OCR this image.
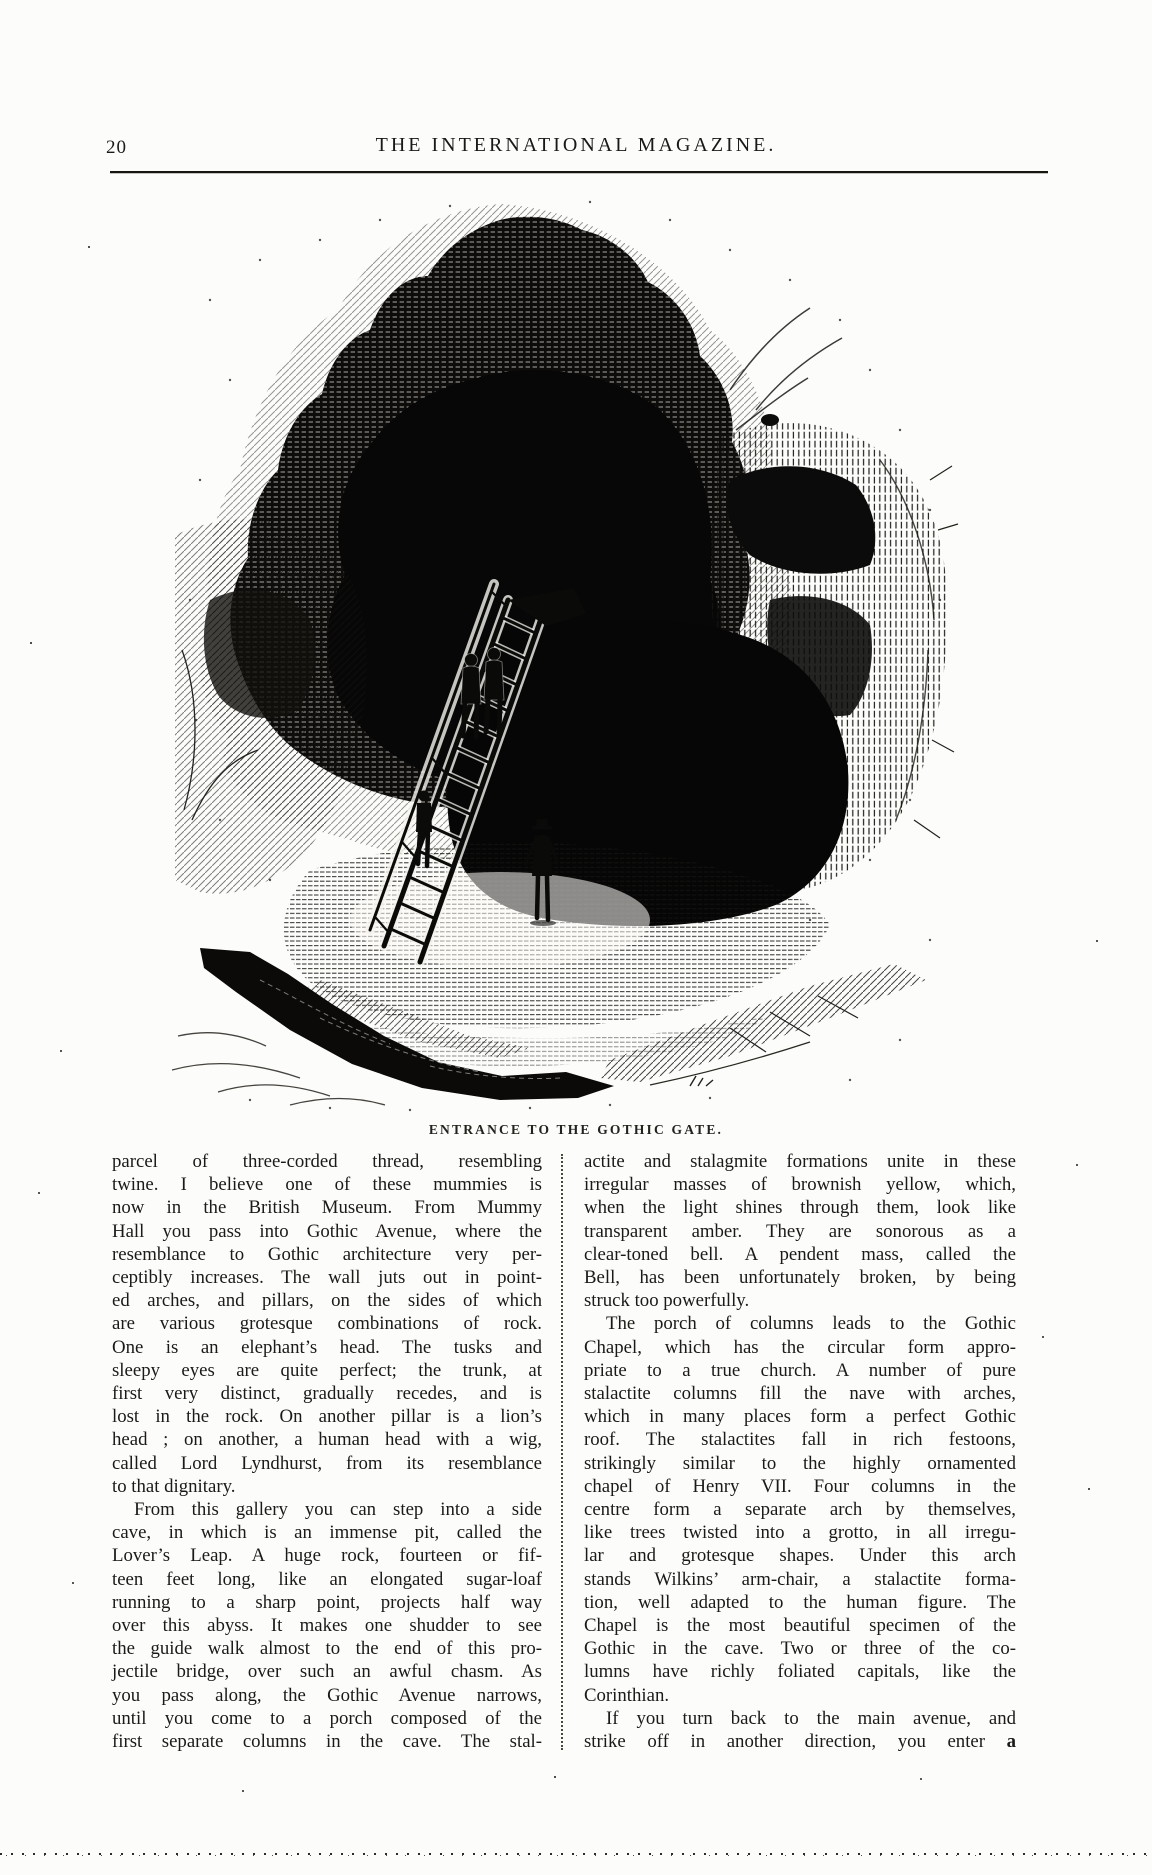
20	THE INTERNATIONAL MAGAZINE.
ENTRANCE TO THE GOTHIC GATE.
parcel of three-corded thread, resembling
twine. I believe one of these mummies is
now in the British Museum. From Mummy
Hall you pass into Gothic Avenue, where the
resemblance to Gothic architecture very per-
ceptibly increases. The wall juts out in point-
ed arches, and pillars, on the sides of which
are various grotesque combinations of rock.
One is an elephant’s head. The tusks and
sleepy eyes are quite perfect; the trunk, at
first very distinct, gradually recedes, and is
lost in the rock. On another pillar is a lion’s
head ; on another, a human head with a wig,
called Lord Lyndhurst, from its resemblance
to that dignitary.
From this gallery you can step into a side
cave, in which is an immense pit, called the
Lover’s Leap. A huge rock, fourteen or fif-
teen feet long, like an elongated sugar-loaf
running to a sharp point, projects half way
over this abyss. It makes one shudder to see
the guide walk almost to the end of this pro-
jectile bridge, over such an awful chasm. As
you pass along, the Gothic Avenue narrows,
until you come to a porch composed of the
first separate columns in the cave. The stal-
actite and stalagmite formations unite in these
irregular masses of brownish yellow, which,
when the light shines through them, look like
transparent amber. They are sonorous as a
clear-toned bell. A pendent mass, called the
Bell, has been unfortunately broken, by being
struck too powerfully.
The porch of columns leads to the Gothic
Chapel, which has the circular form appro-
priate to a true church. A number of pure
stalactite columns fill the nave with arches,
which in many places form a perfect Gothic
roof. The stalactites fall in rich festoons,
strikingly similar to the highly ornamented
chapel of Henry VII. Four columns in the
centre form a separate arch by themselves,
like trees twisted into a grotto, in all irregu-
lar and grotesque shapes. Under this arch
stands Wilkins’ arm-chair, a stalactite forma-
tion, well adapted to the human figure. The
Chapel is the most beautiful specimen of the
Gothic in the cave. Two or three of the co-
lumns have richly foliated capitals, like the
Corinthian.
If you turn back to the main avenue, and
strike off in another direction, you enter a
